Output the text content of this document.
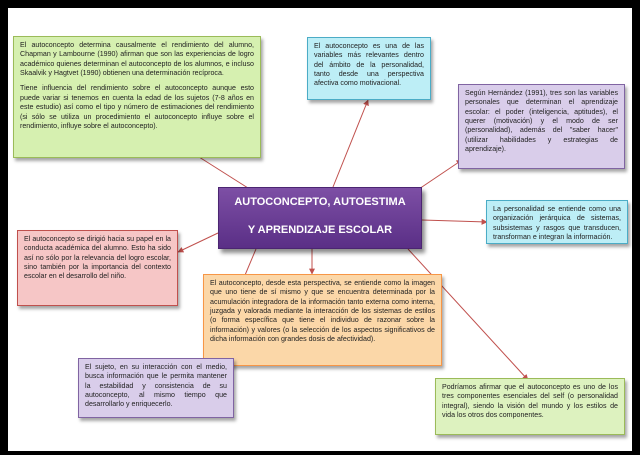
El autoconcepto determina causalmente el rendimiento del alumno, Chapman y Lambourne (1990) afirman que son las experiencias de logro académico quienes determinan el autoconcepto de los alumnos, e incluso Skaalvik y Hagtvet (1990) obtienen una determinación recíproca.

Tiene influencia del rendimiento sobre el autoconcepto aunque esto puede variar si tenemos en cuenta la edad de los sujetos (7-8 años en este estudio) así como el tipo y número de estimaciones del rendimiento (si sólo se utiliza un procedimiento el autoconcepto influye sobre el rendimiento, influye sobre el autoconcepto).

El autoconcepto es una de las variables más relevantes dentro del ámbito de la personalidad, tanto desde una perspectiva afectiva como motivacional.

Según Hernández (1991), tres son las variables personales que determinan el aprendizaje escolar: el poder (inteligencia, aptitudes), el querer (motivación) y el modo de ser (personalidad), además del "saber hacer" (utilizar habilidades y estrategias de aprendizaje).

La personalidad se entiende como una organización jerárquica de sistemas, subsistemas y rasgos que transducen, transforman e integran la información.

AUTOCONCEPTO, AUTOESTIMA
Y APRENDIZAJE ESCOLAR

El autoconcepto se dirigió hacia su papel en la conducta académica del alumno. Esto ha sido así no sólo por la relevancia del logro escolar, sino también por la importancia del contexto escolar en el desarrollo del niño.

El autoconcepto, desde esta perspectiva, se entiende como la imagen que uno tiene de sí mismo y que se encuentra determinada por la acumulación integradora de la información tanto externa como interna, juzgada y valorada mediante la interacción de los sistemas de estilos (o forma específica que tiene el individuo de razonar sobre la información) y valores (o la selección de los aspectos significativos de dicha información con grandes dosis de afectividad).

El sujeto, en su interacción con el medio, busca información que le permita mantener la estabilidad y consistencia de su autoconcepto, al mismo tiempo que desarrollarlo y enriquecerlo.

Podríamos afirmar que el autoconcepto es uno de los tres componentes esenciales del self (o personalidad integral), siendo la visión del mundo y los estilos de vida los otros dos componentes.
